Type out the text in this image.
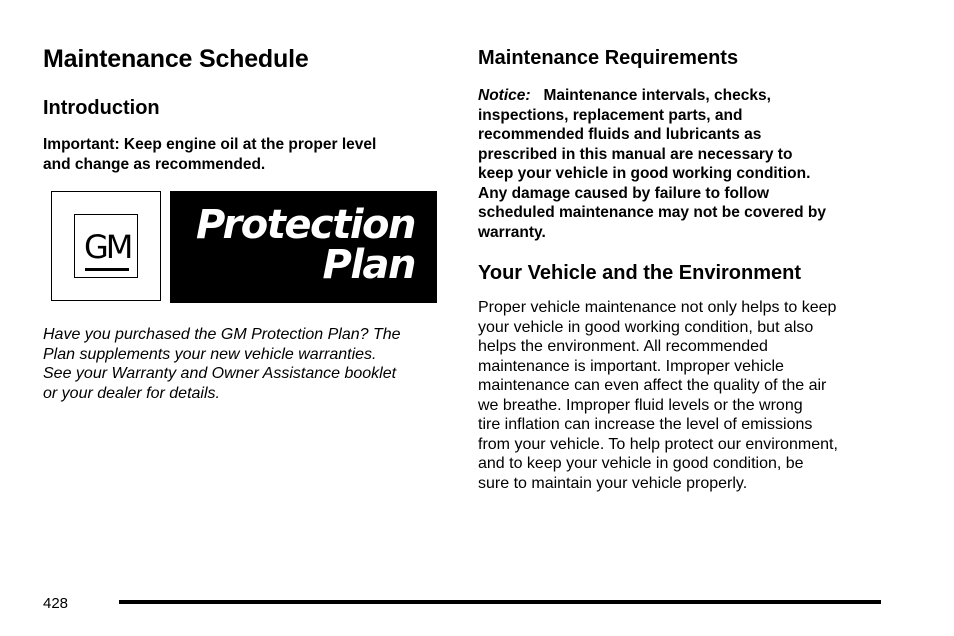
Maintenance Schedule
Introduction

Important: Keep engine oil at the proper level
and change as recommended.

GM Protection
Plan

Have you purchased the GM Protection Plan? The
Plan supplements your new vehicle warranties.
See your Warranty and Owner Assistance booklet
or your dealer for details.

Maintenance Requirements

Notice: Maintenance intervals, checks,
inspections, replacement parts, and
recommended fluids and lubricants as
prescribed in this manual are necessary to
keep your vehicle in good working condition.
Any damage caused by failure to follow
scheduled maintenance may not be covered by
warranty.

Your Vehicle and the Environment

Proper vehicle maintenance not only helps to keep
your vehicle in good working condition, but also
helps the environment. All recommended
maintenance is important. Improper vehicle
maintenance can even affect the quality of the air
we breathe. Improper fluid levels or the wrong
tire inflation can increase the level of emissions
from your vehicle. To help protect our environment,
and to keep your vehicle in good condition, be
sure to maintain your vehicle properly.

428
